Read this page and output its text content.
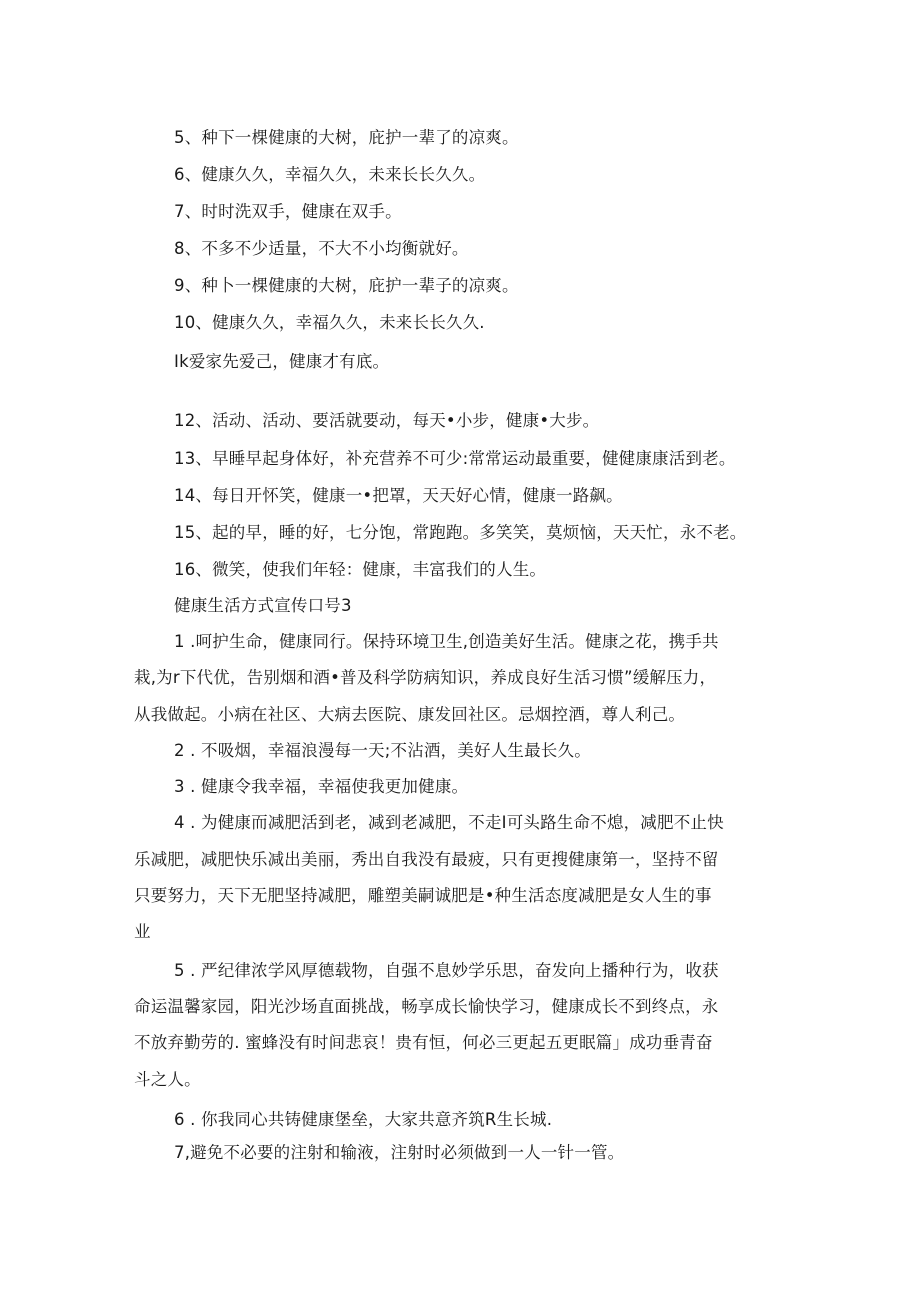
5、种下一棵健康的大树，庇护一辈了的凉爽。
6、健康久久，幸福久久，未来长长久久。
7、时时洗双手，健康在双手。
8、不多不少适量，不大不小均衡就好。
9、种卜一棵健康的大树，庇护一辈子的凉爽。
10、健康久久，幸福久久，未来长长久久.
Ik爱家先爱己，健康才有底。
12、活动、活动、要活就要动，每天•小步，健康•大步。
13、早睡早起身体好，补充营养不可少:常常运动最重要，健健康康活到老。
14、每日开怀笑，健康一•把罩，天天好心情，健康一路飙。
15、起的早，睡的好，七分饱，常跑跑。多笑笑，莫烦恼，天天忙，永不老。
16、微笑，使我们年轻：健康，丰富我们的人生。
健康生活方式宣传口号3
1 .呵护生命，健康同行。保持环境卫生,创造美好生活。健康之花，携手共
栽,为r下代优，告别烟和酒•普及科学防病知识，养成良好生活习惯”缓解压力，
从我做起。小病在社区、大病去医院、康发回社区。忌烟控酒，尊人利己。
2 . 不吸烟，幸福浪漫每一天;不沾酒，美好人生最长久。
3 . 健康令我幸福，幸福使我更加健康。
4 . 为健康而减肥活到老，减到老减肥，不走I可头路生命不熄，减肥不止快
乐减肥，减肥快乐减出美丽，秀出自我没有最疲，只有更搜健康第一，坚持不留
只要努力，天下无肥坚持减肥，雕塑美嗣诚肥是•种生活态度减肥是女人生的事
业
5 . 严纪律浓学风厚德载物，自强不息妙学乐思，奋发向上播种行为，收获
命运温馨家园，阳光沙场直面挑战，畅享成长愉快学习，健康成长不到终点，永
不放弃勤劳的. 蜜蜂没有时间悲哀！贵有恒，何必三更起五更眠篇」成功垂青奋
斗之人。
6 . 你我同心共铸健康堡垒，大家共意齐筑R生长城.
7,避免不必要的注射和输液，注射时必须做到一人一针一管。
